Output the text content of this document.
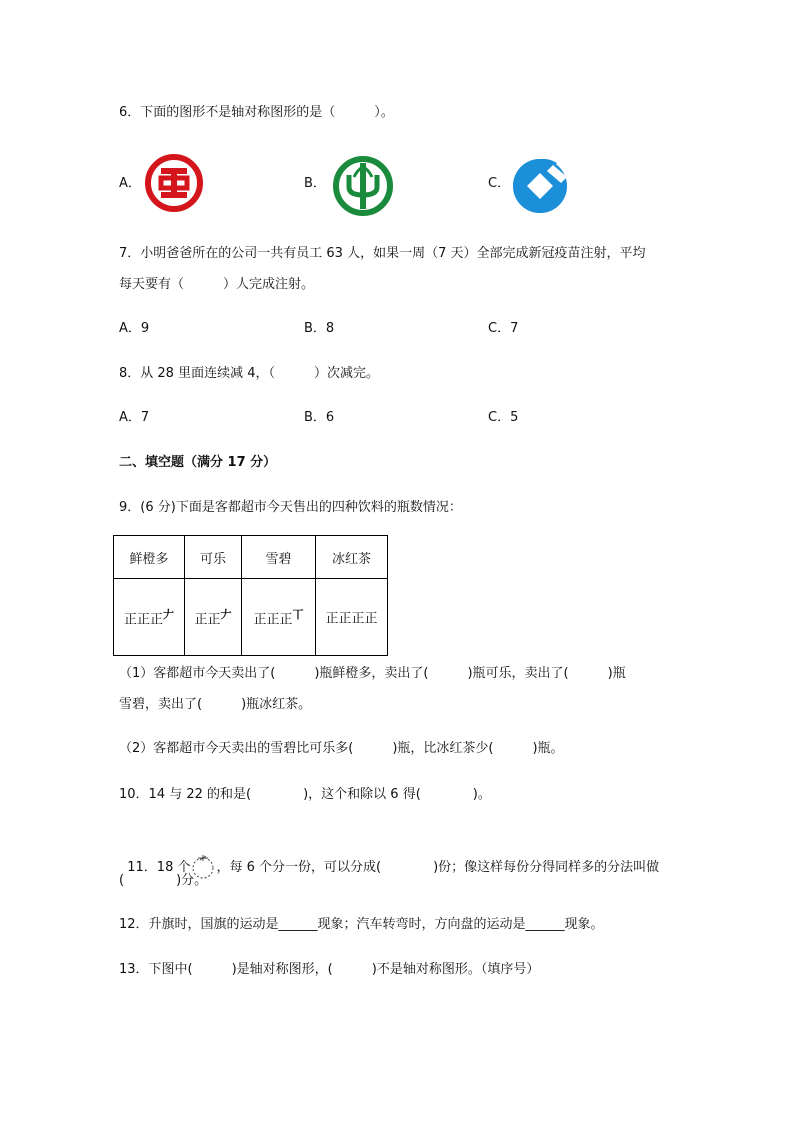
6．下面的图形不是轴对称图形的是（　　　）。
A．	B．	C．
7．小明爸爸所在的公司一共有员工 63 人，如果一周（7 天）全部完成新冠疫苗注射，平均
每天要有（　　　）人完成注射。
A．9	B．8	C．7
8．从 28 里面连续减 4，（　　　）次减完。
A．7	B．6	C．5
二、填空题（满分 17 分）
9．(6 分)下面是客都超市今天售出的四种饮料的瓶数情况：
鲜橙多	可乐	雪碧	冰红茶
正正正$^𠂇$	正正$^𠂇$	正正正$^丅$	正正正正
（1）客都超市今天卖出了(　　　)瓶鲜橙多，卖出了(　　　)瓶可乐，卖出了(　　　)瓶
雪碧，卖出了(　　　)瓶冰红茶。
（2）客都超市今天卖出的雪碧比可乐多(　　　)瓶，比冰红茶少(　　　)瓶。
10．14 与 22 的和是(　　　　)，这个和除以 6 得(　　　　)。

11．18 个 ，每 6 个分一份，可以分成(　　　　)份；像这样每份分得同样多的分法叫做

(　　　　)分。
12．升旗时，国旗的运动是______现象；汽车转弯时，方向盘的运动是______现象。
13．下图中(　　　)是轴对称图形，(　　　)不是轴对称图形。（填序号）
